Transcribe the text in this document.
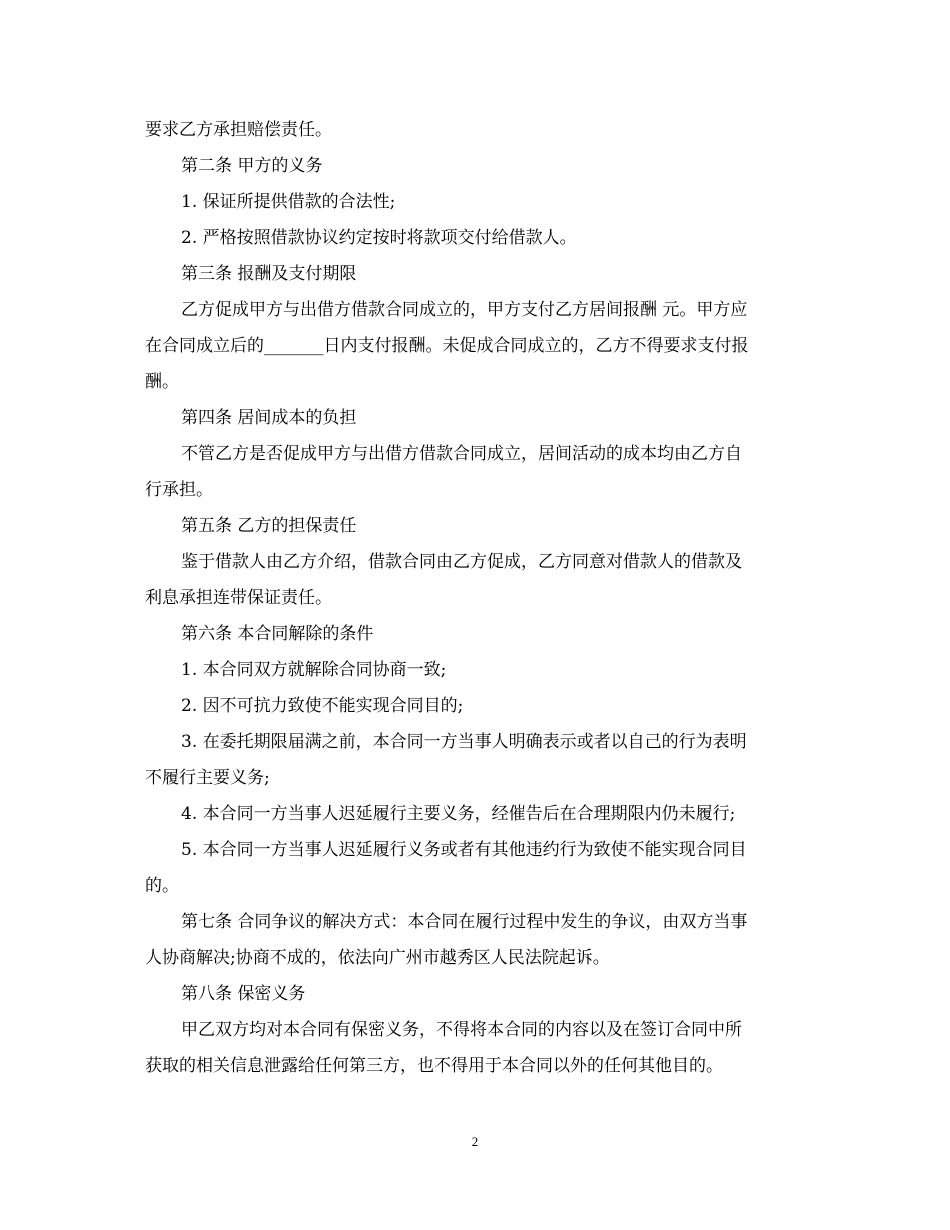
要求乙方承担赔偿责任。
第二条 甲方的义务
1. 保证所提供借款的合法性;
2. 严格按照借款协议约定按时将款项交付给借款人。
第三条 报酬及支付期限
乙方促成甲方与出借方借款合同成立的，甲方支付乙方居间报酬 元。甲方应
在合同成立后的_______日内支付报酬。未促成合同成立的，乙方不得要求支付报
酬。
第四条 居间成本的负担
不管乙方是否促成甲方与出借方借款合同成立，居间活动的成本均由乙方自
行承担。
第五条 乙方的担保责任
鉴于借款人由乙方介绍，借款合同由乙方促成，乙方同意对借款人的借款及
利息承担连带保证责任。
第六条 本合同解除的条件
1. 本合同双方就解除合同协商一致;
2. 因不可抗力致使不能实现合同目的;
3. 在委托期限届满之前，本合同一方当事人明确表示或者以自己的行为表明
不履行主要义务;
4. 本合同一方当事人迟延履行主要义务，经催告后在合理期限内仍未履行;
5. 本合同一方当事人迟延履行义务或者有其他违约行为致使不能实现合同目
的。
第七条 合同争议的解决方式：本合同在履行过程中发生的争议，由双方当事
人协商解决;协商不成的，依法向广州市越秀区人民法院起诉。
第八条 保密义务
甲乙双方均对本合同有保密义务，不得将本合同的内容以及在签订合同中所
获取的相关信息泄露给任何第三方，也不得用于本合同以外的任何其他目的。
2
